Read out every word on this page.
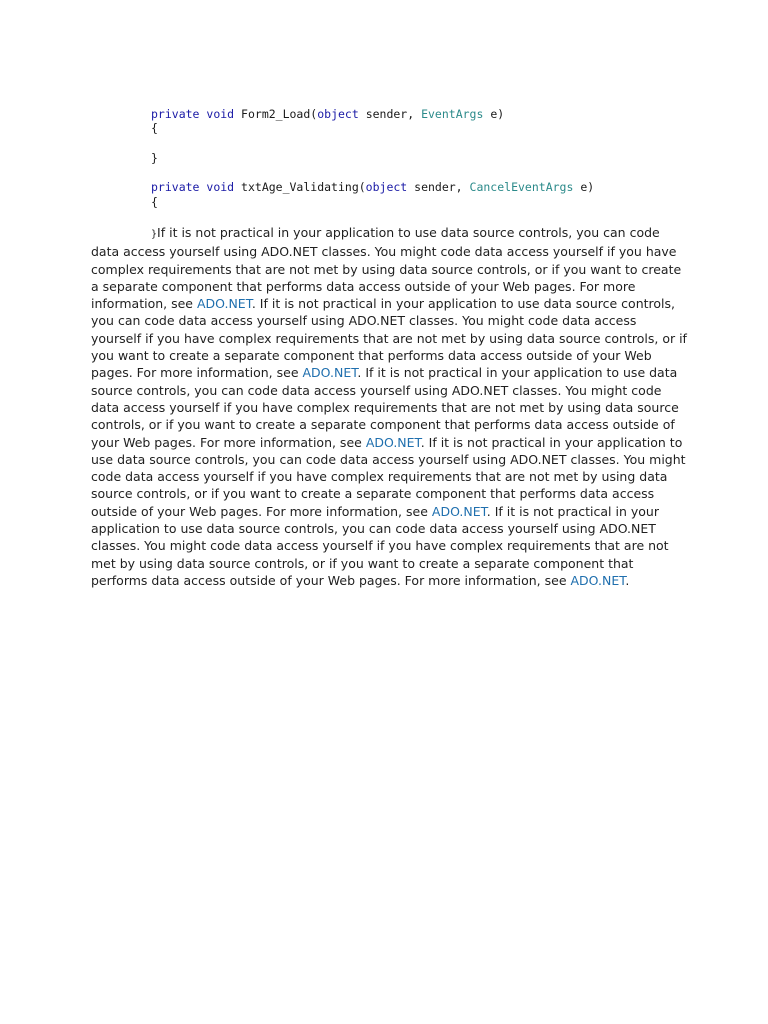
private void Form2_Load(object sender, EventArgs e)
{
}
private void txtAge_Validating(object sender, CancelEventArgs e)
{

}If it is not practical in your application to use data source controls, you can code data access yourself using ADO.NET classes. You might code data access yourself if you have complex requirements that are not met by using data source controls, or if you want to create a separate component that performs data access outside of your Web pages. For more information, see ADO.NET. If it is not practical in your application to use data source controls, you can code data access yourself using ADO.NET classes. You might code data access yourself if you have complex requirements that are not met by using data source controls, or if you want to create a separate component that performs data access outside of your Web pages. For more information, see ADO.NET. If it is not practical in your application to use data source controls, you can code data access yourself using ADO.NET classes. You might code data access yourself if you have complex requirements that are not met by using data source controls, or if you want to create a separate component that performs data access outside of your Web pages. For more information, see ADO.NET. If it is not practical in your application to use data source controls, you can code data access yourself using ADO.NET classes. You might code data access yourself if you have complex requirements that are not met by using data source controls, or if you want to create a separate component that performs data access outside of your Web pages. For more information, see ADO.NET. If it is not practical in your application to use data source controls, you can code data access yourself using ADO.NET classes. You might code data access yourself if you have complex requirements that are not met by using data source controls, or if you want to create a separate component that performs data access outside of your Web pages. For more information, see ADO.NET.
